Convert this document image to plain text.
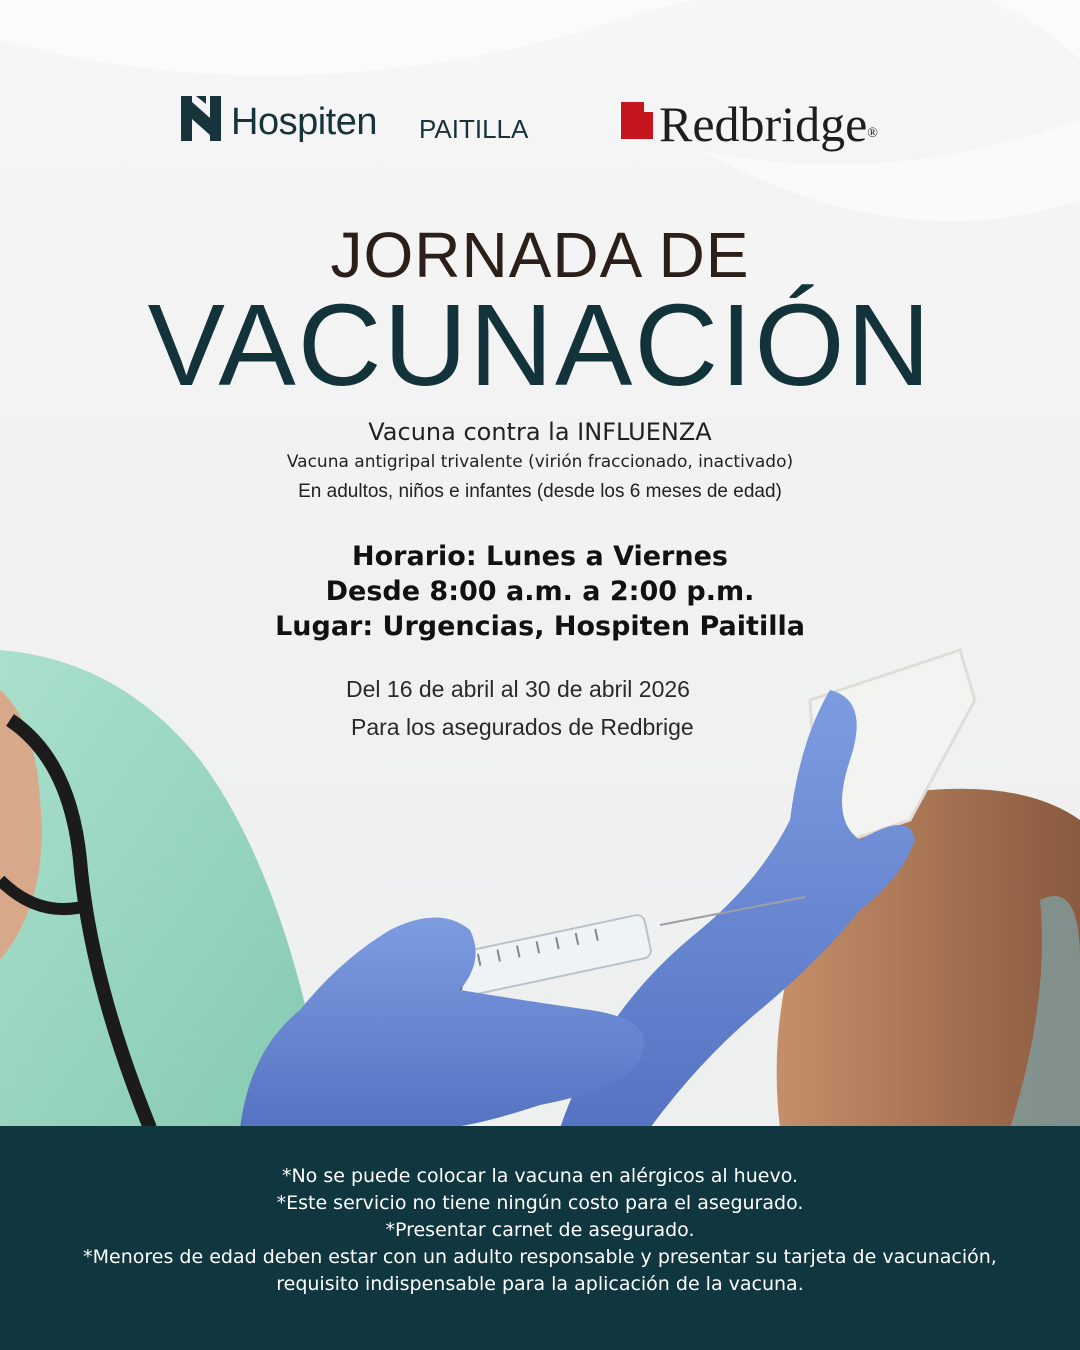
Hospiten PAITILLA	Redbridge®
JORNADA DE
VACUNACIÓN
Vacuna contra la INFLUENZA
Vacuna antigripal trivalente (virión fraccionado, inactivado)
En adultos, niños e infantes (desde los 6 meses de edad)
Horario: Lunes a Viernes
Desde 8:00 a.m. a 2:00 p.m.
Lugar: Urgencias, Hospiten Paitilla
Del 16 de abril al 30 de abril 2026
Para los asegurados de Redbrige
*No se puede colocar la vacuna en alérgicos al huevo.
*Este servicio no tiene ningún costo para el asegurado.
*Presentar carnet de asegurado.
*Menores de edad deben estar con un adulto responsable y presentar su tarjeta de vacunación,
requisito indispensable para la aplicación de la vacuna.
